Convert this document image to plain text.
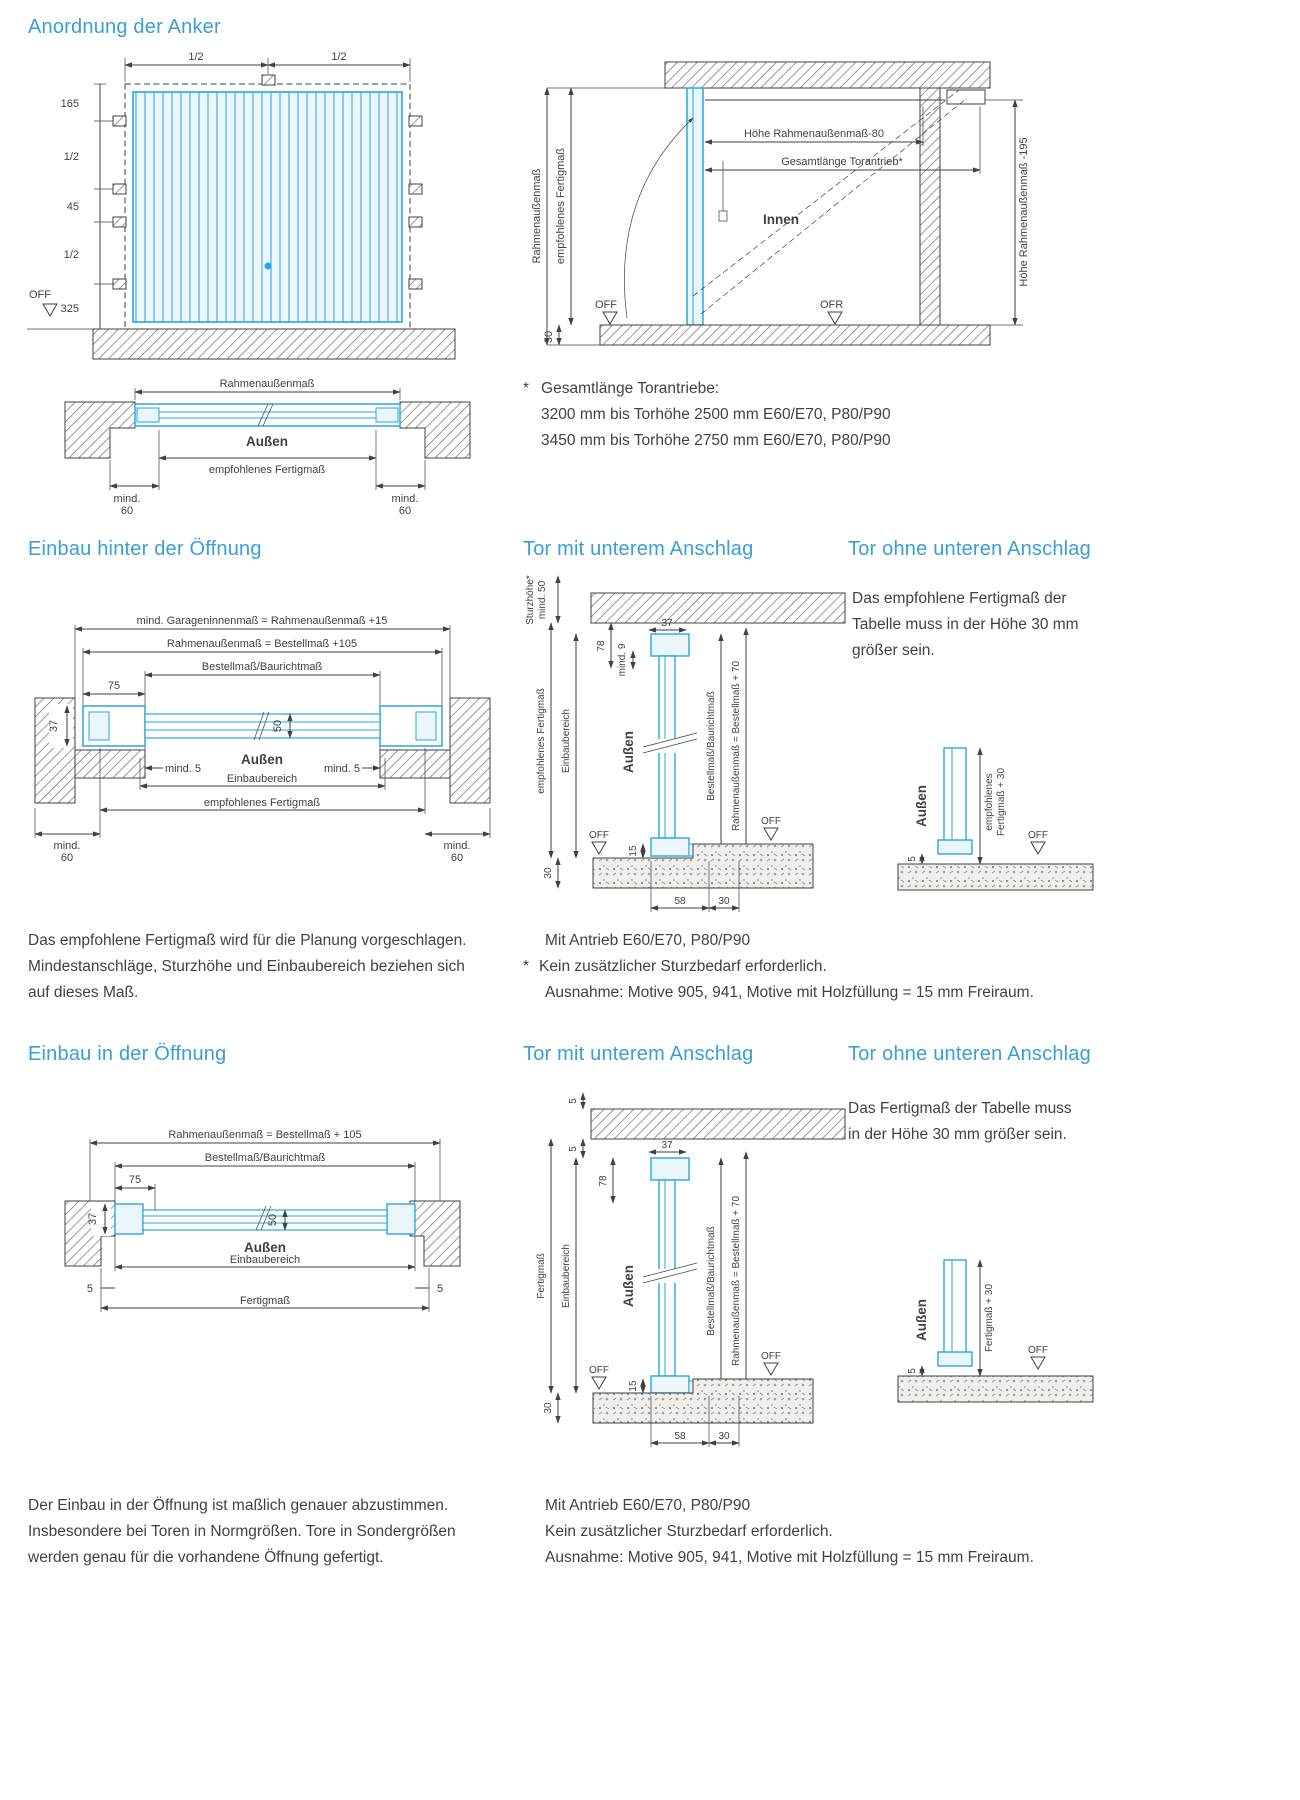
Anordnung der Anker
1/2	1/2
165
1/2
45
1/2
325
OFF
Rahmenaußenmaß
Außen
empfohlenes Fertigmaß
mind.
60
mind.
60
Höhe Rahmenaußenmaß-80
Gesamtlänge Torantrieb*
Innen
OFF	OFR
Rahmenaußenmaß empfohlenes Fertigmaß
30
Höhe Rahmenaußenmaß -195
* Gesamtlänge Torantriebe:
3200 mm bis Torhöhe 2500 mm E60/E70, P80/P90
3450 mm bis Torhöhe 2750 mm E60/E70, P80/P90
Einbau hinter der Öffnung	Tor mit unterem Anschlag	Tor ohne unteren Anschlag
mind. Garageninnenmaß = Rahmenaußenmaß +15
Rahmenaußenmaß = Bestellmaß +105
Bestellmaß/Baurichtmaß
75
37	50
Außen
mind. 5	mind. 5
Einbaubereich
empfohlenes Fertigmaß
mind.
60
mind.
60
Sturzhöhe* mind. 50
78
37
mind. 9
Außen
empfohlenes Fertigmaß Einbaubereich	Bestellmaß/Baurichtmaß Rahmenaußenmaß = Bestellmaß + 70
OFF
OFF
30
15
58	30
Das empfohlene Fertigmaß der
Tabelle muss in der Höhe 30 mm
größer sein.
Außen	empfohlenes Fertigmaß + 30 OFF
5
Das empfohlene Fertigmaß wird für die Planung vorgeschlagen.
Mindestanschläge, Sturzhöhe und Einbaubereich beziehen sich
auf dieses Maß.
Mit Antrieb E60/E70, P80/P90
* Kein zusätzlicher Sturzbedarf erforderlich.
Ausnahme: Motive 905, 941, Motive mit Holzfüllung = 15 mm Freiraum.
Einbau in der Öffnung	Tor mit unterem Anschlag	Tor ohne unteren Anschlag
Rahmenaußenmaß = Bestellmaß + 105
Bestellmaß/Baurichtmaß
75
37	50
Außen
Einbaubereich
5	5
Fertigmaß
5
5
78
37
Außen
Fertigmaß Einbaubereich	Bestellmaß/Baurichtmaß Rahmenaußenmaß = Bestellmaß + 70
OFF
OFF
30
15
58	30
Das Fertigmaß der Tabelle muss
in der Höhe 30 mm größer sein.
Außen	Fertigmaß + 30	OFF
5
Der Einbau in der Öffnung ist maßlich genauer abzustimmen.
Insbesondere bei Toren in Normgrößen. Tore in Sondergrößen
werden genau für die vorhandene Öffnung gefertigt.
Mit Antrieb E60/E70, P80/P90
Kein zusätzlicher Sturzbedarf erforderlich.
Ausnahme: Motive 905, 941, Motive mit Holzfüllung = 15 mm Freiraum.
